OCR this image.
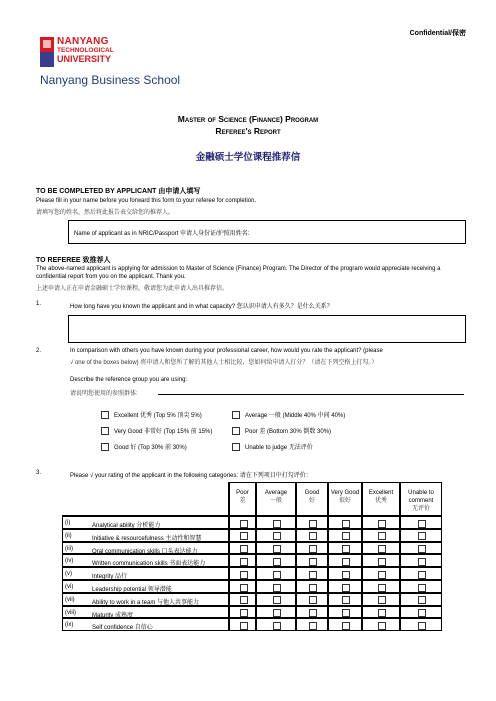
Confidential/保密
NANYANG
TECHNOLOGICAL
UNIVERSITY
Nanyang Business School
Master of Science (Finance) Program
Referee's Report
金融硕士学位课程推荐信
TO BE COMPLETED BY APPLICANT 由申请人填写
Please fill in your name before you forward this form to your referee for completion.
请填写您的姓名，然后将此报告表交给您的推荐人。
Name of applicant as in NRIC/Passport 申请人身份证/护照用姓名:
TO REFEREE 致推荐人
The above-named applicant is applying for admission to Master of Science (Finance) Program. The Director of the program would appreciate receiving a confidential report from you on the applicant. Thank you.
上述申请人正在申请金融硕士学位课程。敬请您为此申请人出具推荐信。
1.	How long have you known the applicant and in what capacity? 您认识申请人有多久？是什么关系？
2.	In comparison with others you have known during your professional career, how would you rate the applicant? (please
√ one of the boxes below) 将申请人和您所了解的其他人士相比较，您如何给申请人打分？（请在下列空格上打勾。）
Describe the reference group you are using:
请说明您使用的参照群体:
Excellent 优秀 (Top 5% 顶尖 5%)
Very Good 非常好 (Top 15% 前 15%)
Good 好 (Top 30% 前 30%)
Average 一般 (Middle 40% 中间 40%)
Poor 差 (Bottom 30% 倒数 30%)
Unable to judge 无法评价
3.	Please √ your rating of the applicant in the following categories: 请在下列项目中打勾评价：
Poor
差
Average
一般
Good
好
Very Good
很好
Excellent
优秀
Unable to comment
无评价
(i)	Analytical ability 分析能力
(ii)	Initiative & resourcefulness 主动性和智慧
(iii)	Oral communication skills 口头表达能力
(iv)	Written communication skills 书面表达能力
(v)	Integrity 品行
(vi)	Leadership potential 领导潜能
(vii)	Ability to work in a team 与他人共事能力
(viii)	Maturity 成熟度
(ix)	Self confidence 自信心
